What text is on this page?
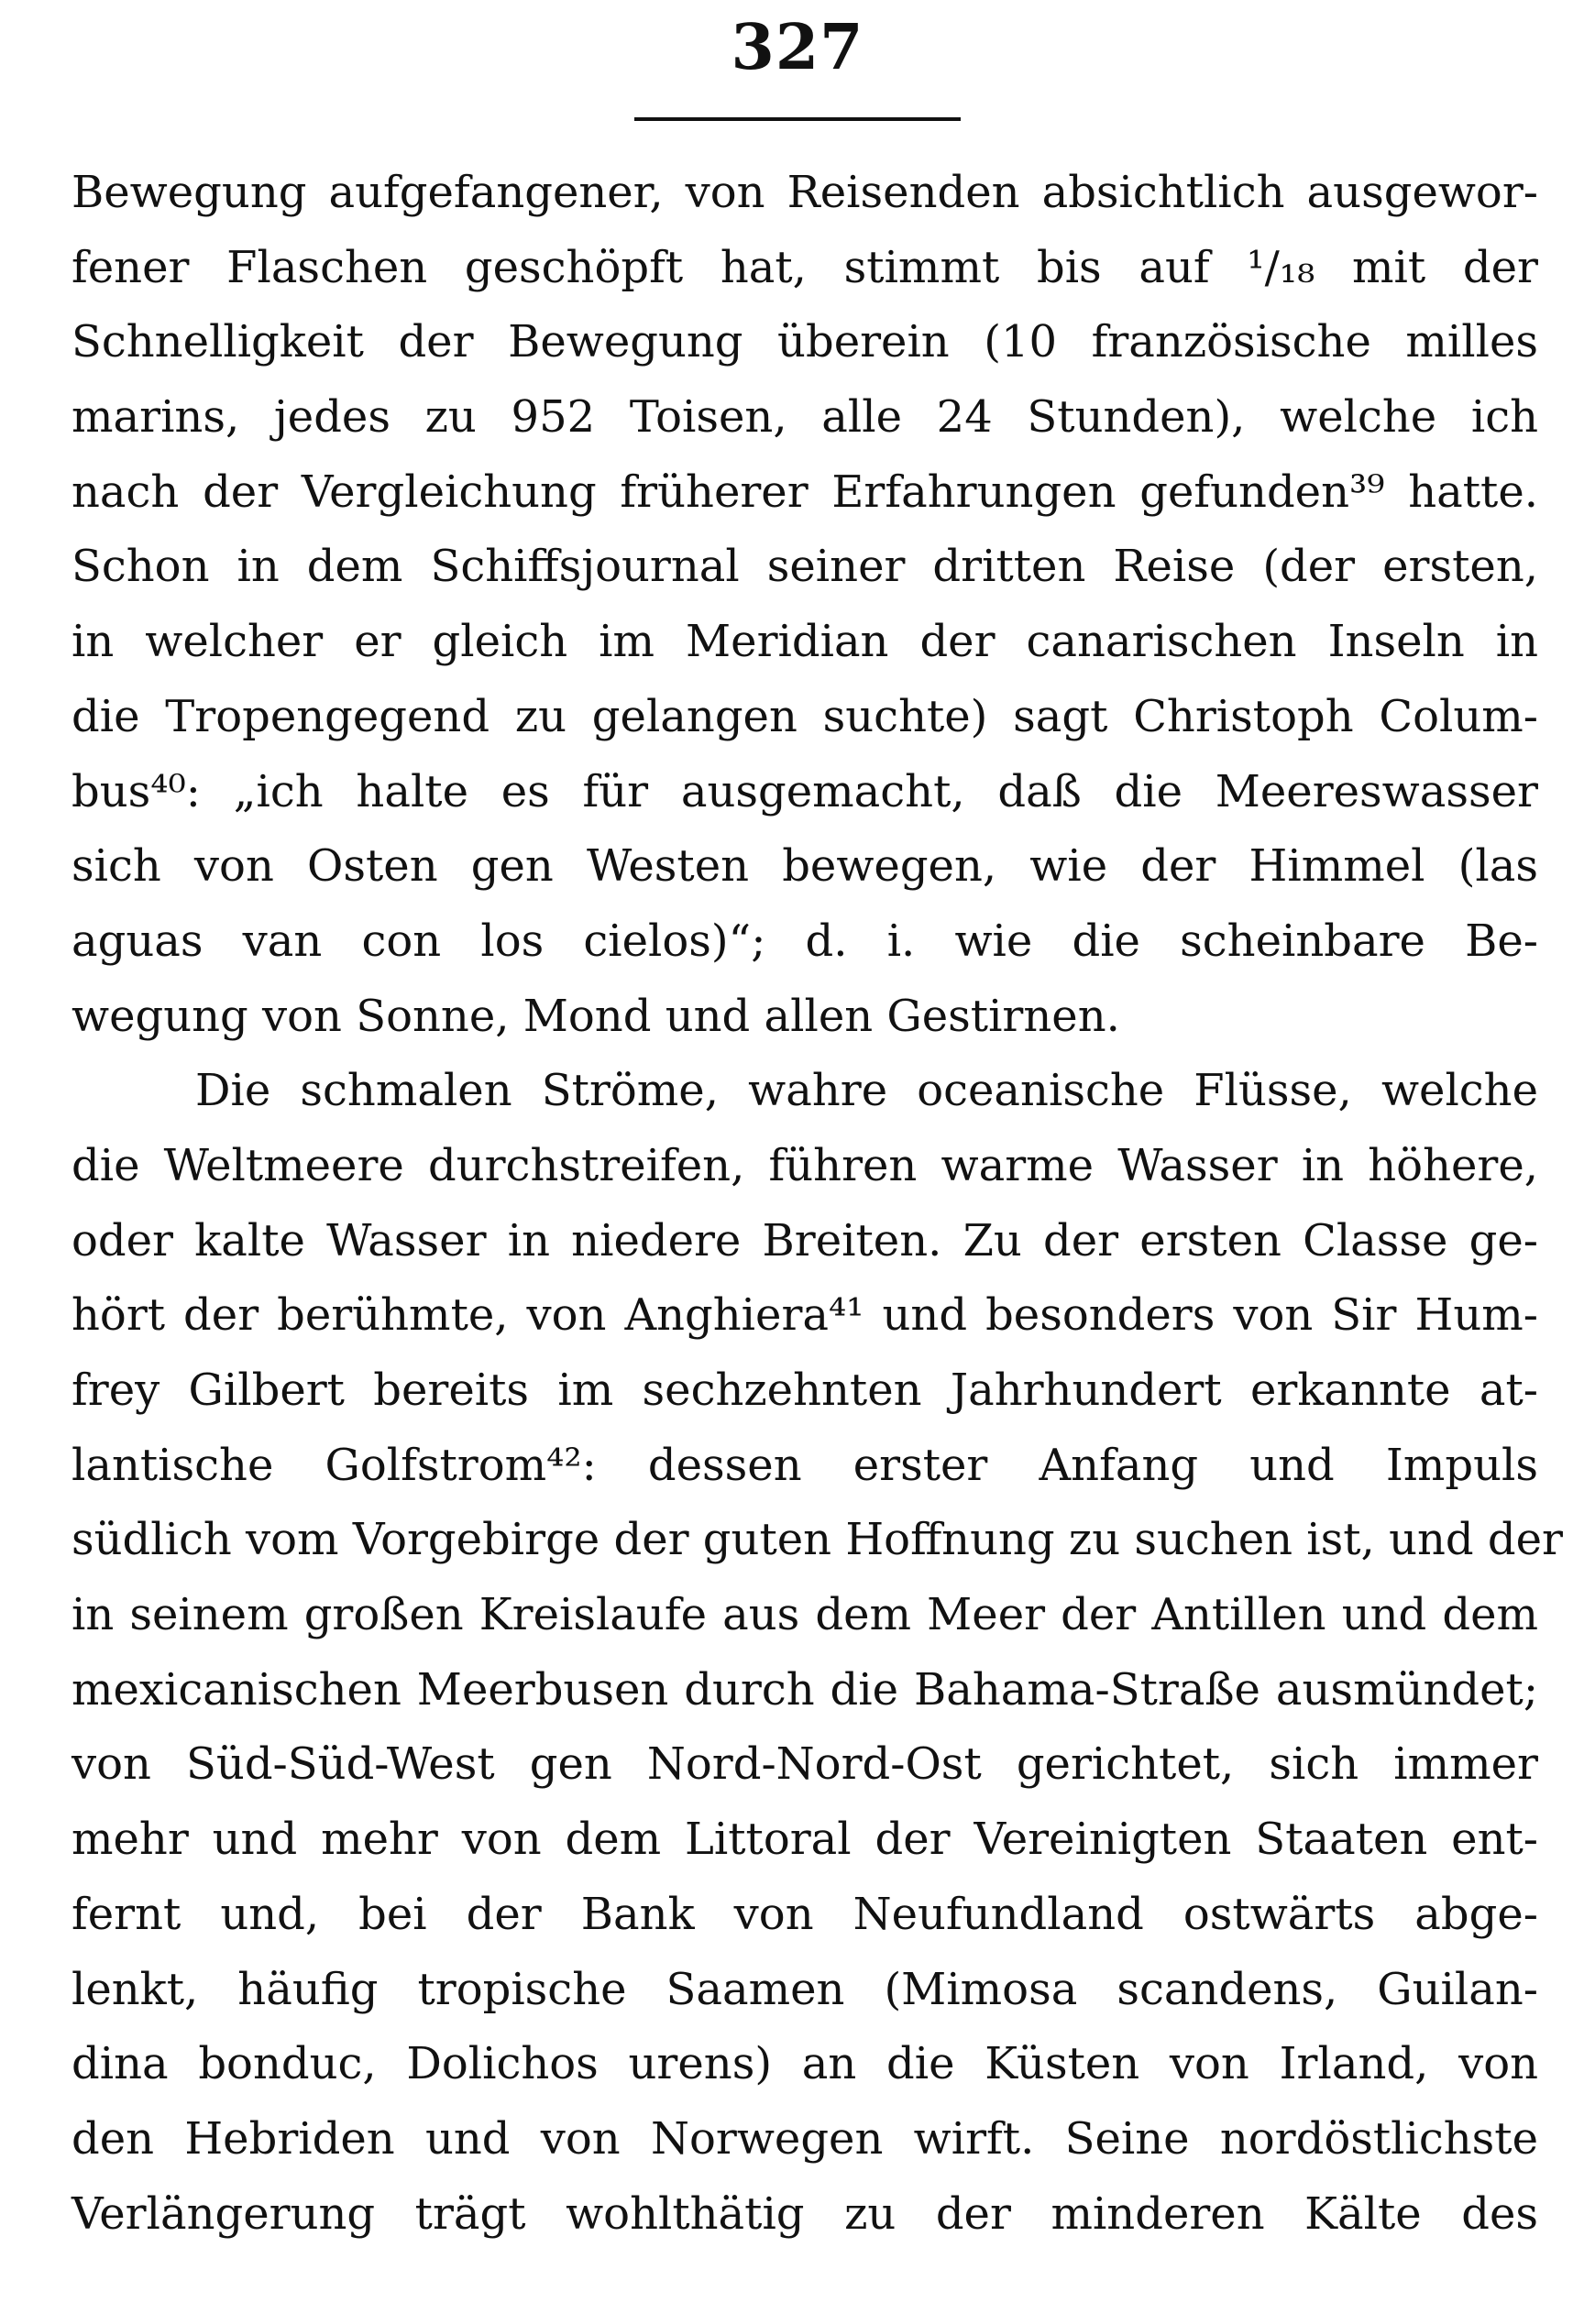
327
Bewegung aufgefangener, von Reisenden absichtlich ausgewor-
fener Flaschen geschöpft hat, stimmt bis auf ¹/₁₈ mit der
Schnelligkeit der Bewegung überein (10 französische milles
marins, jedes zu 952 Toisen, alle 24 Stunden), welche ich
nach der Vergleichung früherer Erfahrungen gefunden³⁹ hatte.
Schon in dem Schiffsjournal seiner dritten Reise (der ersten,
in welcher er gleich im Meridian der canarischen Inseln in
die Tropengegend zu gelangen suchte) sagt Christoph Colum-
bus⁴⁰: „ich halte es für ausgemacht, daß die Meereswasser
sich von Osten gen Westen bewegen, wie der Himmel (las
aguas van con los cielos)“; d. i. wie die scheinbare Be-
wegung von Sonne, Mond und allen Gestirnen.
Die schmalen Ströme, wahre oceanische Flüsse, welche
die Weltmeere durchstreifen, führen warme Wasser in höhere,
oder kalte Wasser in niedere Breiten. Zu der ersten Classe ge-
hört der berühmte, von Anghiera⁴¹ und besonders von Sir Hum-
frey Gilbert bereits im sechzehnten Jahrhundert erkannte at-
lantische Golfstrom⁴²: dessen erster Anfang und Impuls
südlich vom Vorgebirge der guten Hoffnung zu suchen ist, und der
in seinem großen Kreislaufe aus dem Meer der Antillen und dem
mexicanischen Meerbusen durch die Bahama-Straße ausmündet;
von Süd-Süd-West gen Nord-Nord-Ost gerichtet, sich immer
mehr und mehr von dem Littoral der Vereinigten Staaten ent-
fernt und, bei der Bank von Neufundland ostwärts abge-
lenkt, häufig tropische Saamen (Mimosa scandens, Guilan-
dina bonduc, Dolichos urens) an die Küsten von Irland, von
den Hebriden und von Norwegen wirft. Seine nordöstlichste
Verlängerung trägt wohlthätig zu der minderen Kälte des
